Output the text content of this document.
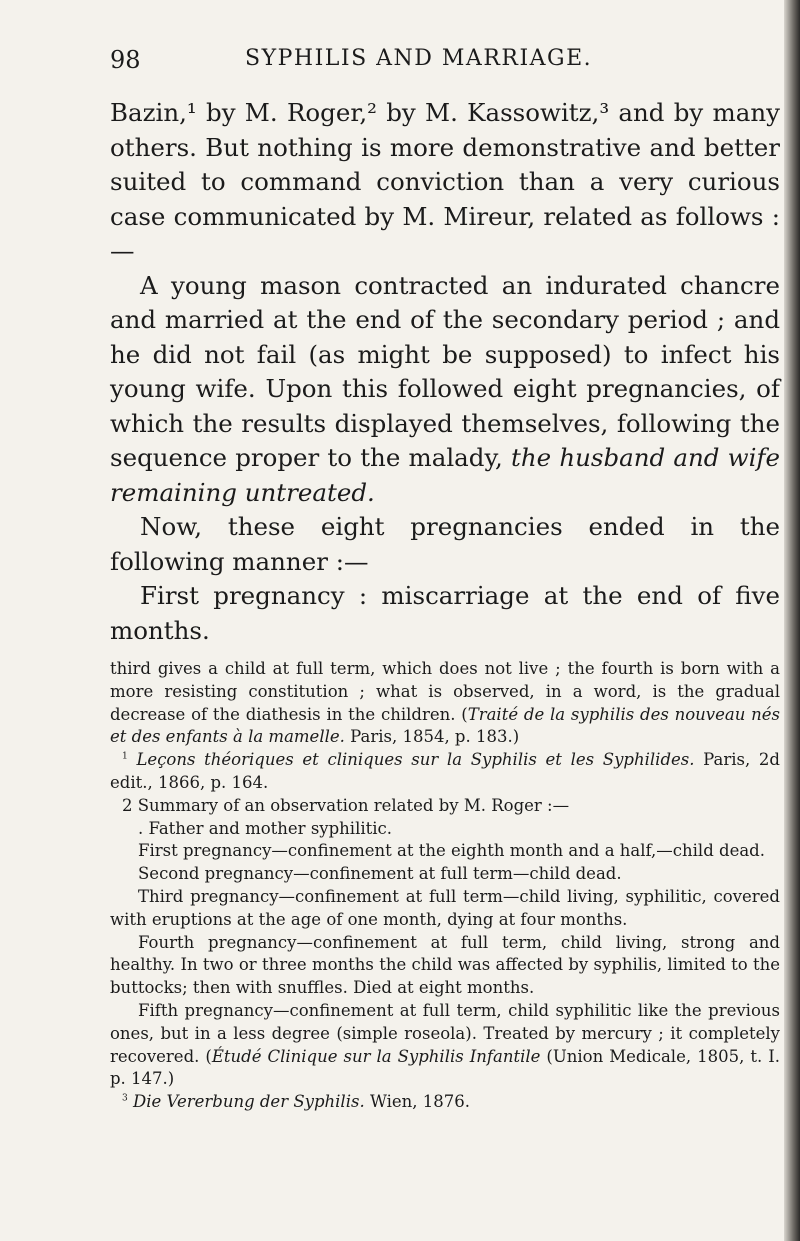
98	SYPHILIS AND MARRIAGE.

Bazin,¹ by M. Roger,² by M. Kassowitz,³ and by many others. But nothing is more demonstrative and better suited to command conviction than a very curious case communicated by M. Mireur, related as follows :—

A young mason contracted an indurated chancre and married at the end of the secondary period ; and he did not fail (as might be supposed) to infect his young wife. Upon this followed eight pregnancies, of which the results displayed themselves, following the sequence proper to the malady, the husband and wife remaining untreated.

Now, these eight pregnancies ended in the following manner :—

First pregnancy : miscarriage at the end of five months.

third gives a child at full term, which does not live ; the fourth is born with a more resisting constitution ; what is observed, in a word, is the gradual decrease of the diathesis in the children. (Traité de la syphilis des nouveau nés et des enfants à la mamelle. Paris, 1854, p. 183.)

$^1$ Leçons théoriques et cliniques sur la Syphilis et les Syphilides. Paris, 2d edit., 1866, p. 164.

2 Summary of an observation related by M. Roger :—

. Father and mother syphilitic.

First pregnancy—confinement at the eighth month and a half,—child dead.

Second pregnancy—confinement at full term—child dead.

Third pregnancy—confinement at full term—child living, syphilitic, covered with eruptions at the age of one month, dying at four months.

Fourth pregnancy—confinement at full term, child living, strong and healthy. In two or three months the child was affected by syphilis, limited to the buttocks; then with snuffles. Died at eight months.

Fifth pregnancy—confinement at full term, child syphilitic like the previous ones, but in a less degree (simple roseola). Treated by mercury ; it completely recovered. (Étudé Clinique sur la Syphilis Infantile (Union Medicale, 1805, t. I. p. 147.)

$^3$ Die Vererbung der Syphilis. Wien, 1876.
